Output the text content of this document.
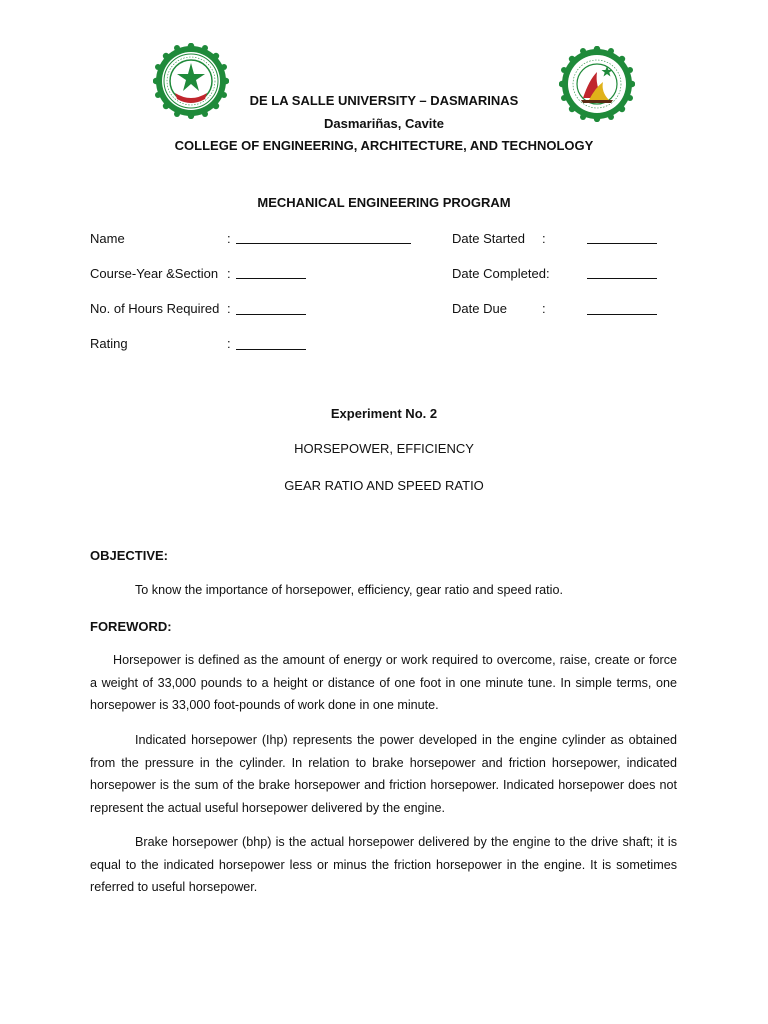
DE LA SALLE UNIVERSITY – DASMARINAS
Dasmariñas, Cavite
COLLEGE OF ENGINEERING, ARCHITECTURE, AND TECHNOLOGY
MECHANICAL ENGINEERING PROGRAM
Name	:
Course-Year &Section :
No. of Hours Required :
Rating	:
Date Started :
Date Completed:
Date Due	:
Experiment No. 2
HORSEPOWER, EFFICIENCY
GEAR RATIO AND SPEED RATIO
OBJECTIVE:
To know the importance of horsepower, efficiency, gear ratio and speed ratio.
FOREWORD:

Horsepower is defined as the amount of energy or work required to overcome, raise, create or force a weight of 33,000 pounds to a height or distance of one foot in one minute tune. In simple terms, one horsepower is 33,000 foot-pounds of work done in one minute.

Indicated horsepower (Ihp) represents the power developed in the engine cylinder as obtained from the pressure in the cylinder. In relation to brake horsepower and friction horsepower, indicated horsepower is the sum of the brake horsepower and friction horsepower. Indicated horsepower does not represent the actual useful horsepower delivered by the engine.

Brake horsepower (bhp) is the actual horsepower delivered by the engine to the drive shaft; it is equal to the indicated horsepower less or minus the friction horsepower in the engine. It is sometimes referred to useful horsepower.
